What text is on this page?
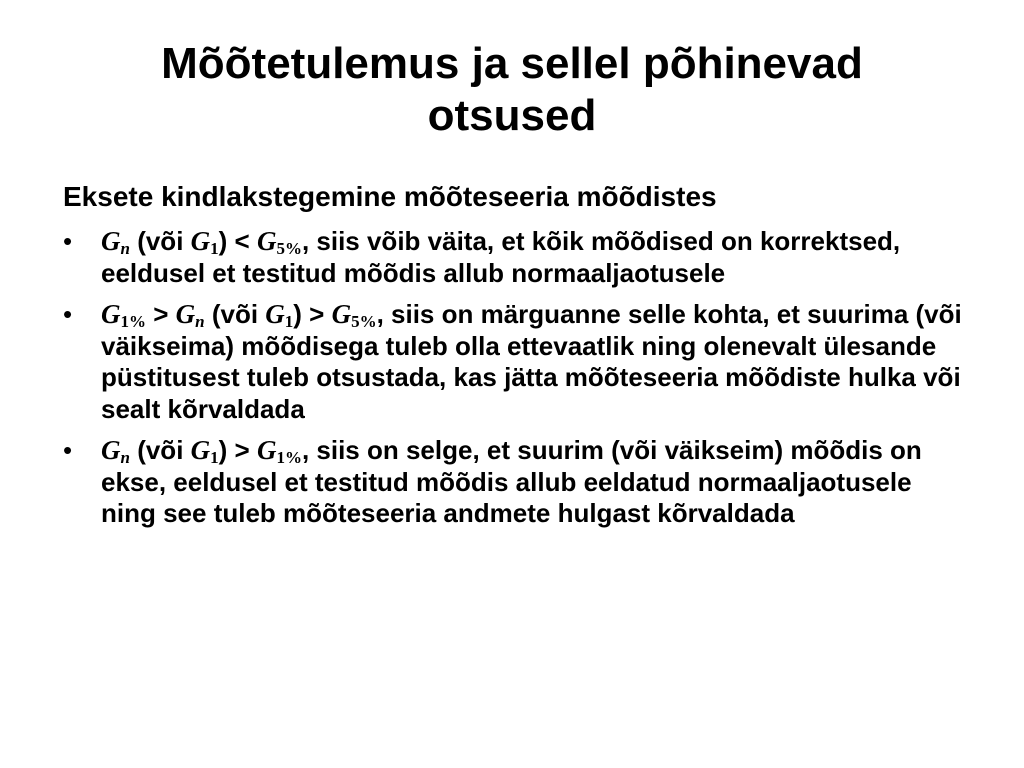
Mõõtetulemus ja sellel põhinevad
otsused

Eksete kindlakstegemine mõõteseeria mõõdistes

• $G_n$ (või $G_1) < G_{5\%}$, siis võib väita, et kõik mõõdised on korrektsed, eeldusel et testitud mõõdis allub normaaljaotusele
• $G_{1\%} > G_n$ (või $G_1) > G_{5\%}$, siis on märguanne selle kohta, et suurima (või väikseima) mõõdisega tuleb olla ettevaatlik ning olenevalt ülesande püstitusest tuleb otsustada, kas jätta mõõteseeria mõõdiste hulka või sealt kõrvaldada
• $G_n$ (või $G_1) > G_{1\%}$, siis on selge, et suurim (või väikseim) mõõdis on ekse, eeldusel et testitud mõõdis allub eeldatud normaaljaotusele ning see tuleb mõõteseeria andmete hulgast kõrvaldada
